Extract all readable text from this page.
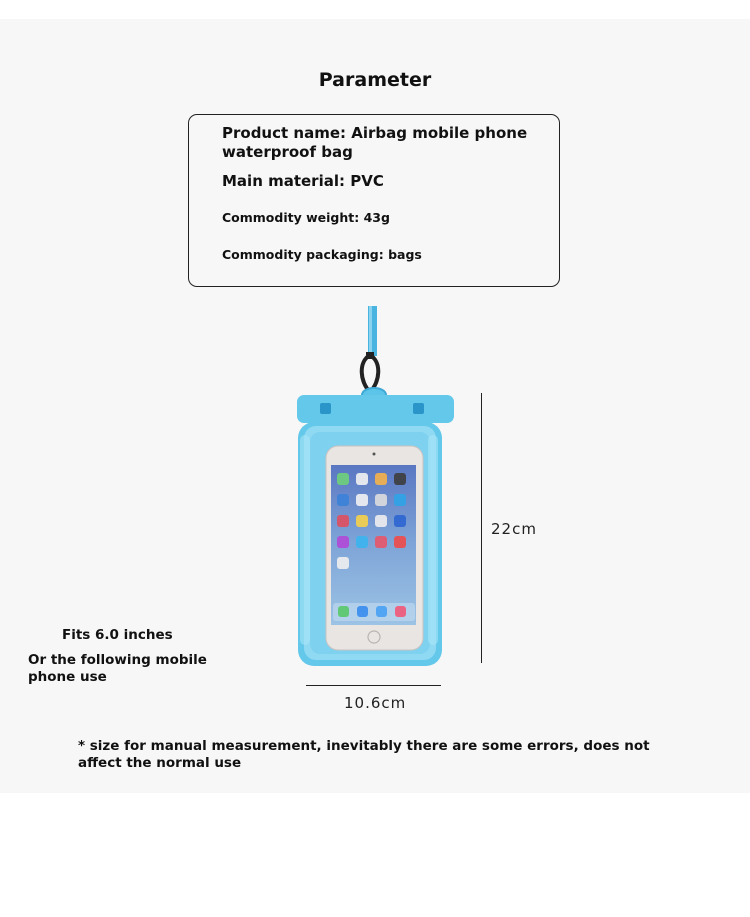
Parameter
Product name: Airbag mobile phone waterproof bag
Main material: PVC
Commodity weight: 43g
Commodity packaging: bags
22cm
10.6cm
Fits 6.0 inches
Or the following mobile phone use
* size for manual measurement, inevitably there are some errors, does not affect the normal use
